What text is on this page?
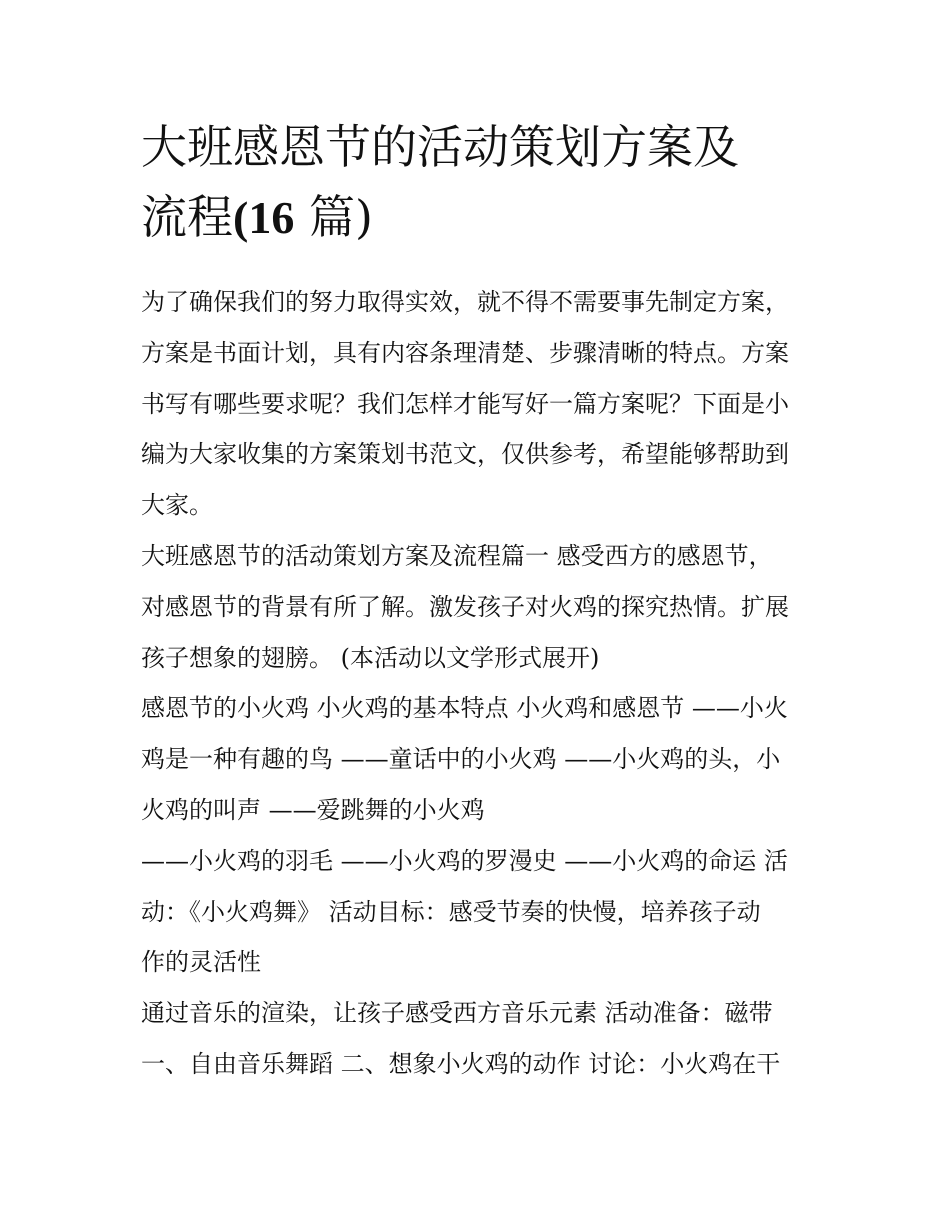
大班感恩节的活动策划方案及
流程(16 篇)

为了确保我们的努力取得实效，就不得不需要事先制定方案，
方案是书面计划，具有内容条理清楚、步骤清晰的特点。方案
书写有哪些要求呢？我们怎样才能写好一篇方案呢？下面是小
编为大家收集的方案策划书范文，仅供参考，希望能够帮助到
大家。
大班感恩节的活动策划方案及流程篇一 感受西方的感恩节，
对感恩节的背景有所了解。激发孩子对火鸡的探究热情。扩展
孩子想象的翅膀。 (本活动以文学形式展开)
感恩节的小火鸡 小火鸡的基本特点 小火鸡和感恩节 ——小火
鸡是一种有趣的鸟 ——童话中的小火鸡 ——小火鸡的头，小
火鸡的叫声 ——爱跳舞的小火鸡
——小火鸡的羽毛 ——小火鸡的罗漫史 ——小火鸡的命运 活
动：《小火鸡舞》 活动目标：感受节奏的快慢，培养孩子动
作的灵活性
通过音乐的渲染，让孩子感受西方音乐元素 活动准备：磁带
一、自由音乐舞蹈 二、想象小火鸡的动作 讨论：小火鸡在干
